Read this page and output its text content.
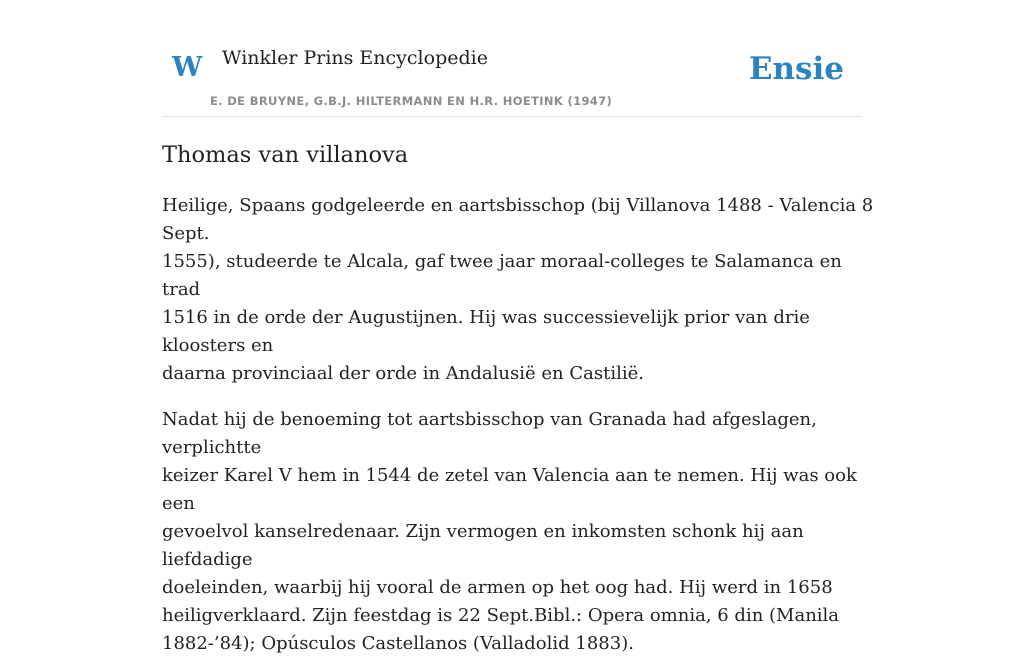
W Winkler Prins Encyclopedie
E. DE BRUYNE, G.B.J. HILTERMANN EN H.R. HOETINK (1947)
Ensie
Thomas van villanova

Heilige, Spaans godgeleerde en aartsbisschop (bij Villanova 1488 - Valencia 8 Sept.
1555), studeerde te Alcala, gaf twee jaar moraal-colleges te Salamanca en trad
1516 in de orde der Augustijnen. Hij was successievelijk prior van drie kloosters en
daarna provinciaal der orde in Andalusië en Castilië.

Nadat hij de benoeming tot aartsbisschop van Granada had afgeslagen, verplichtte
keizer Karel V hem in 1544 de zetel van Valencia aan te nemen. Hij was ook een
gevoelvol kanselredenaar. Zijn vermogen en inkomsten schonk hij aan liefdadige
doeleinden, waarbij hij vooral de armen op het oog had. Hij werd in 1658
heiligverklaard. Zijn feestdag is 22 Sept.Bibl.: Opera omnia, 6 din (Manila
1882-’84); Opúsculos Castellanos (Valladolid 1883).
